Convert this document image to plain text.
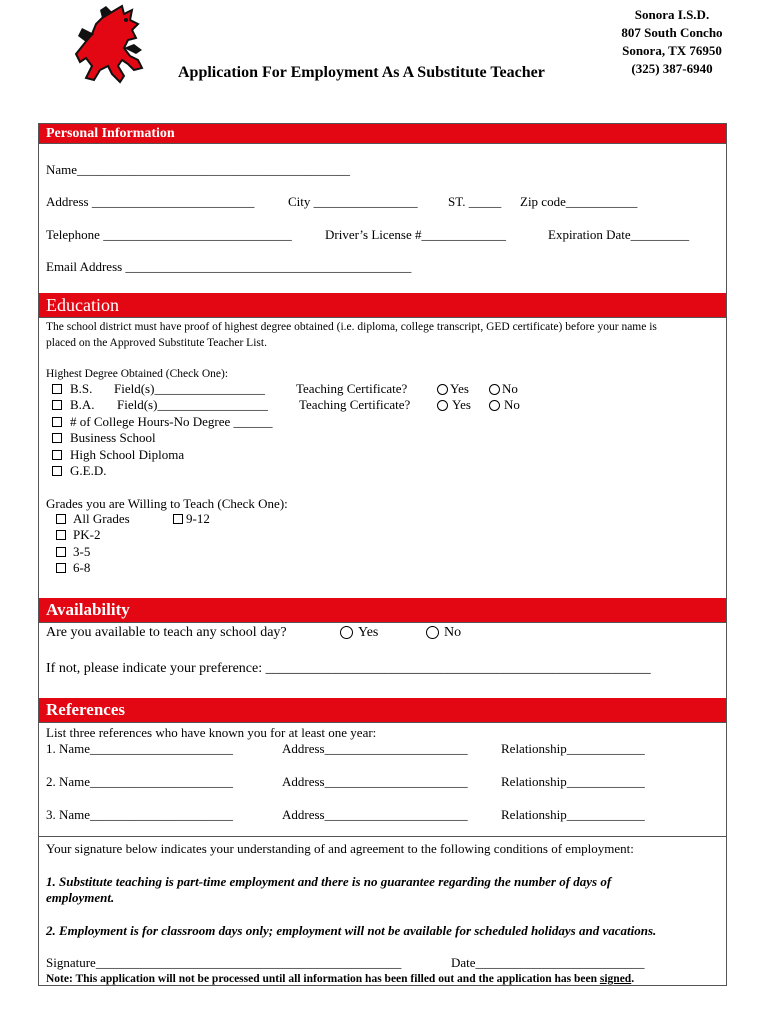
Application For Employment As A Substitute Teacher
Sonora I.S.D.
807 South Concho
Sonora, TX 76950
(325) 387-6940
Personal Information
Name__________________________________________
Address _________________________	City ________________ ST. _____ Zip code___________
Telephone _____________________________	Driver’s License #_____________	Expiration Date_________
Email Address ____________________________________________
Education
The school district must have proof of highest degree obtained (i.e. diploma, college transcript, GED certificate) before your name is
placed on the Approved Substitute Teacher List.
Highest Degree Obtained (Check One):
B.S. Field(s)_________________ Teaching Certificate?	Yes	No
B.A. Field(s)_________________ Teaching Certificate?	Yes	No
# of College Hours-No Degree ______
Business School
High School Diploma
G.E.D.
Grades you are Willing to Teach (Check One):
All Grades	9-12
PK-2
3-5
6-8
Availability
Are you available to teach any school day?	Yes	No
If not, please indicate your preference: _______________________________________________________
References
List three references who have known you for at least one year:
1. Name______________________	Address______________________	Relationship____________
2. Name______________________	Address______________________	Relationship____________
3. Name______________________	Address______________________	Relationship____________
Your signature below indicates your understanding of and agreement to the following conditions of employment:
1. Substitute teaching is part-time employment and there is no guarantee regarding the number of days of
employment.
2. Employment is for classroom days only; employment will not be available for scheduled holidays and vacations.
Signature_______________________________________________	Date__________________________
Note: This application will not be processed until all information has been filled out and the application has been signed.
